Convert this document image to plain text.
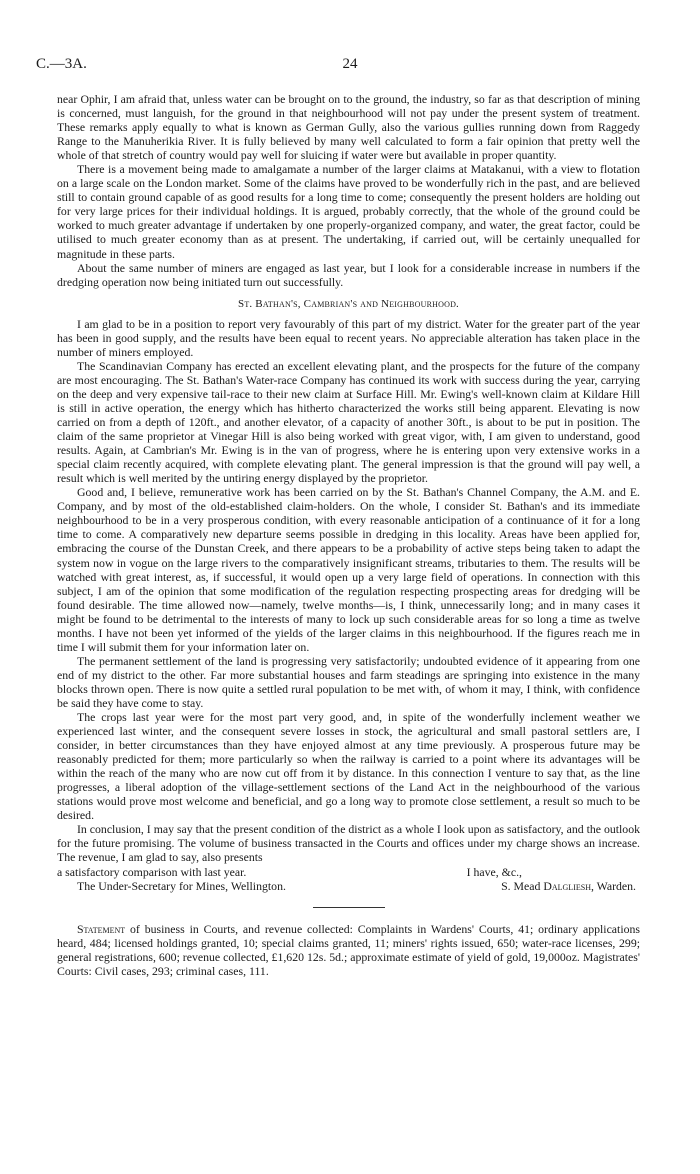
C.—3A.	24

near Ophir, I am afraid that, unless water can be brought on to the ground, the industry, so far as that description of mining is concerned, must languish, for the ground in that neighbourhood will not pay under the present system of treatment. These remarks apply equally to what is known as German Gully, also the various gullies running down from Raggedy Range to the Manuherikia River. It is fully believed by many well calculated to form a fair opinion that pretty well the whole of that stretch of country would pay well for sluicing if water were but available in proper quantity.

There is a movement being made to amalgamate a number of the larger claims at Matakanui, with a view to flotation on a large scale on the London market. Some of the claims have proved to be wonderfully rich in the past, and are believed still to contain ground capable of as good results for a long time to come; consequently the present holders are holding out for very large prices for their individual holdings. It is argued, probably correctly, that the whole of the ground could be worked to much greater advantage if undertaken by one properly-organized company, and water, the great factor, could be utilised to much greater economy than as at present. The undertaking, if carried out, will be certainly unequalled for magnitude in these parts.

About the same number of miners are engaged as last year, but I look for a considerable increase in numbers if the dredging operation now being initiated turn out successfully.

St. Bathan's, Cambrian's and Neighbourhood.

I am glad to be in a position to report very favourably of this part of my district. Water for the greater part of the year has been in good supply, and the results have been equal to recent years. No appreciable alteration has taken place in the number of miners employed.

The Scandinavian Company has erected an excellent elevating plant, and the prospects for the future of the company are most encouraging. The St. Bathan's Water-race Company has continued its work with success during the year, carrying on the deep and very expensive tail-race to their new claim at Surface Hill. Mr. Ewing's well-known claim at Kildare Hill is still in active operation, the energy which has hitherto characterized the works still being apparent. Elevating is now carried on from a depth of 120ft., and another elevator, of a capacity of another 30ft., is about to be put in position. The claim of the same proprietor at Vinegar Hill is also being worked with great vigor, with, I am given to understand, good results. Again, at Cambrian's Mr. Ewing is in the van of progress, where he is entering upon very extensive works in a special claim recently acquired, with complete elevating plant. The general impression is that the ground will pay well, a result which is well merited by the untiring energy displayed by the proprietor.

Good and, I believe, remunerative work has been carried on by the St. Bathan's Channel Company, the A.M. and E. Company, and by most of the old-established claim-holders. On the whole, I consider St. Bathan's and its immediate neighbourhood to be in a very prosperous condition, with every reasonable anticipation of a continuance of it for a long time to come. A comparatively new departure seems possible in dredging in this locality. Areas have been applied for, embracing the course of the Dunstan Creek, and there appears to be a probability of active steps being taken to adapt the system now in vogue on the large rivers to the comparatively insignificant streams, tributaries to them. The results will be watched with great interest, as, if successful, it would open up a very large field of operations. In connection with this subject, I am of the opinion that some modification of the regulation respecting prospecting areas for dredging will be found desirable. The time allowed now—namely, twelve months—is, I think, unnecessarily long; and in many cases it might be found to be detrimental to the interests of many to lock up such considerable areas for so long a time as twelve months. I have not been yet informed of the yields of the larger claims in this neighbourhood. If the figures reach me in time I will submit them for your information later on.

The permanent settlement of the land is progressing very satisfactorily; undoubted evidence of it appearing from one end of my district to the other. Far more substantial houses and farm steadings are springing into existence in the many blocks thrown open. There is now quite a settled rural population to be met with, of whom it may, I think, with confidence be said they have come to stay.

The crops last year were for the most part very good, and, in spite of the wonderfully inclement weather we experienced last winter, and the consequent severe losses in stock, the agricultural and small pastoral settlers are, I consider, in better circumstances than they have enjoyed almost at any time previously. A prosperous future may be reasonably predicted for them; more particularly so when the railway is carried to a point where its advantages will be within the reach of the many who are now cut off from it by distance. In this connection I venture to say that, as the line progresses, a liberal adoption of the village-settlement sections of the Land Act in the neighbourhood of the various stations would prove most welcome and beneficial, and go a long way to promote close settlement, a result so much to be desired.

In conclusion, I may say that the present condition of the district as a whole I look upon as satisfactory, and the outlook for the future promising. The volume of business transacted in the Courts and offices under my charge shows an increase. The revenue, I am glad to say, also presents

a satisfactory comparison with last year.	I have, &c.,
The Under-Secretary for Mines, Wellington.	S. Mead Dalgliesh, Warden.

Statement of business in Courts, and revenue collected: Complaints in Wardens' Courts, 41; ordinary applications heard, 484; licensed holdings granted, 10; special claims granted, 11; miners' rights issued, 650; water-race licenses, 299; general registrations, 600; revenue collected, £1,620 12s. 5d.; approximate estimate of yield of gold, 19,000oz. Magistrates' Courts: Civil cases, 293; criminal cases, 111.
